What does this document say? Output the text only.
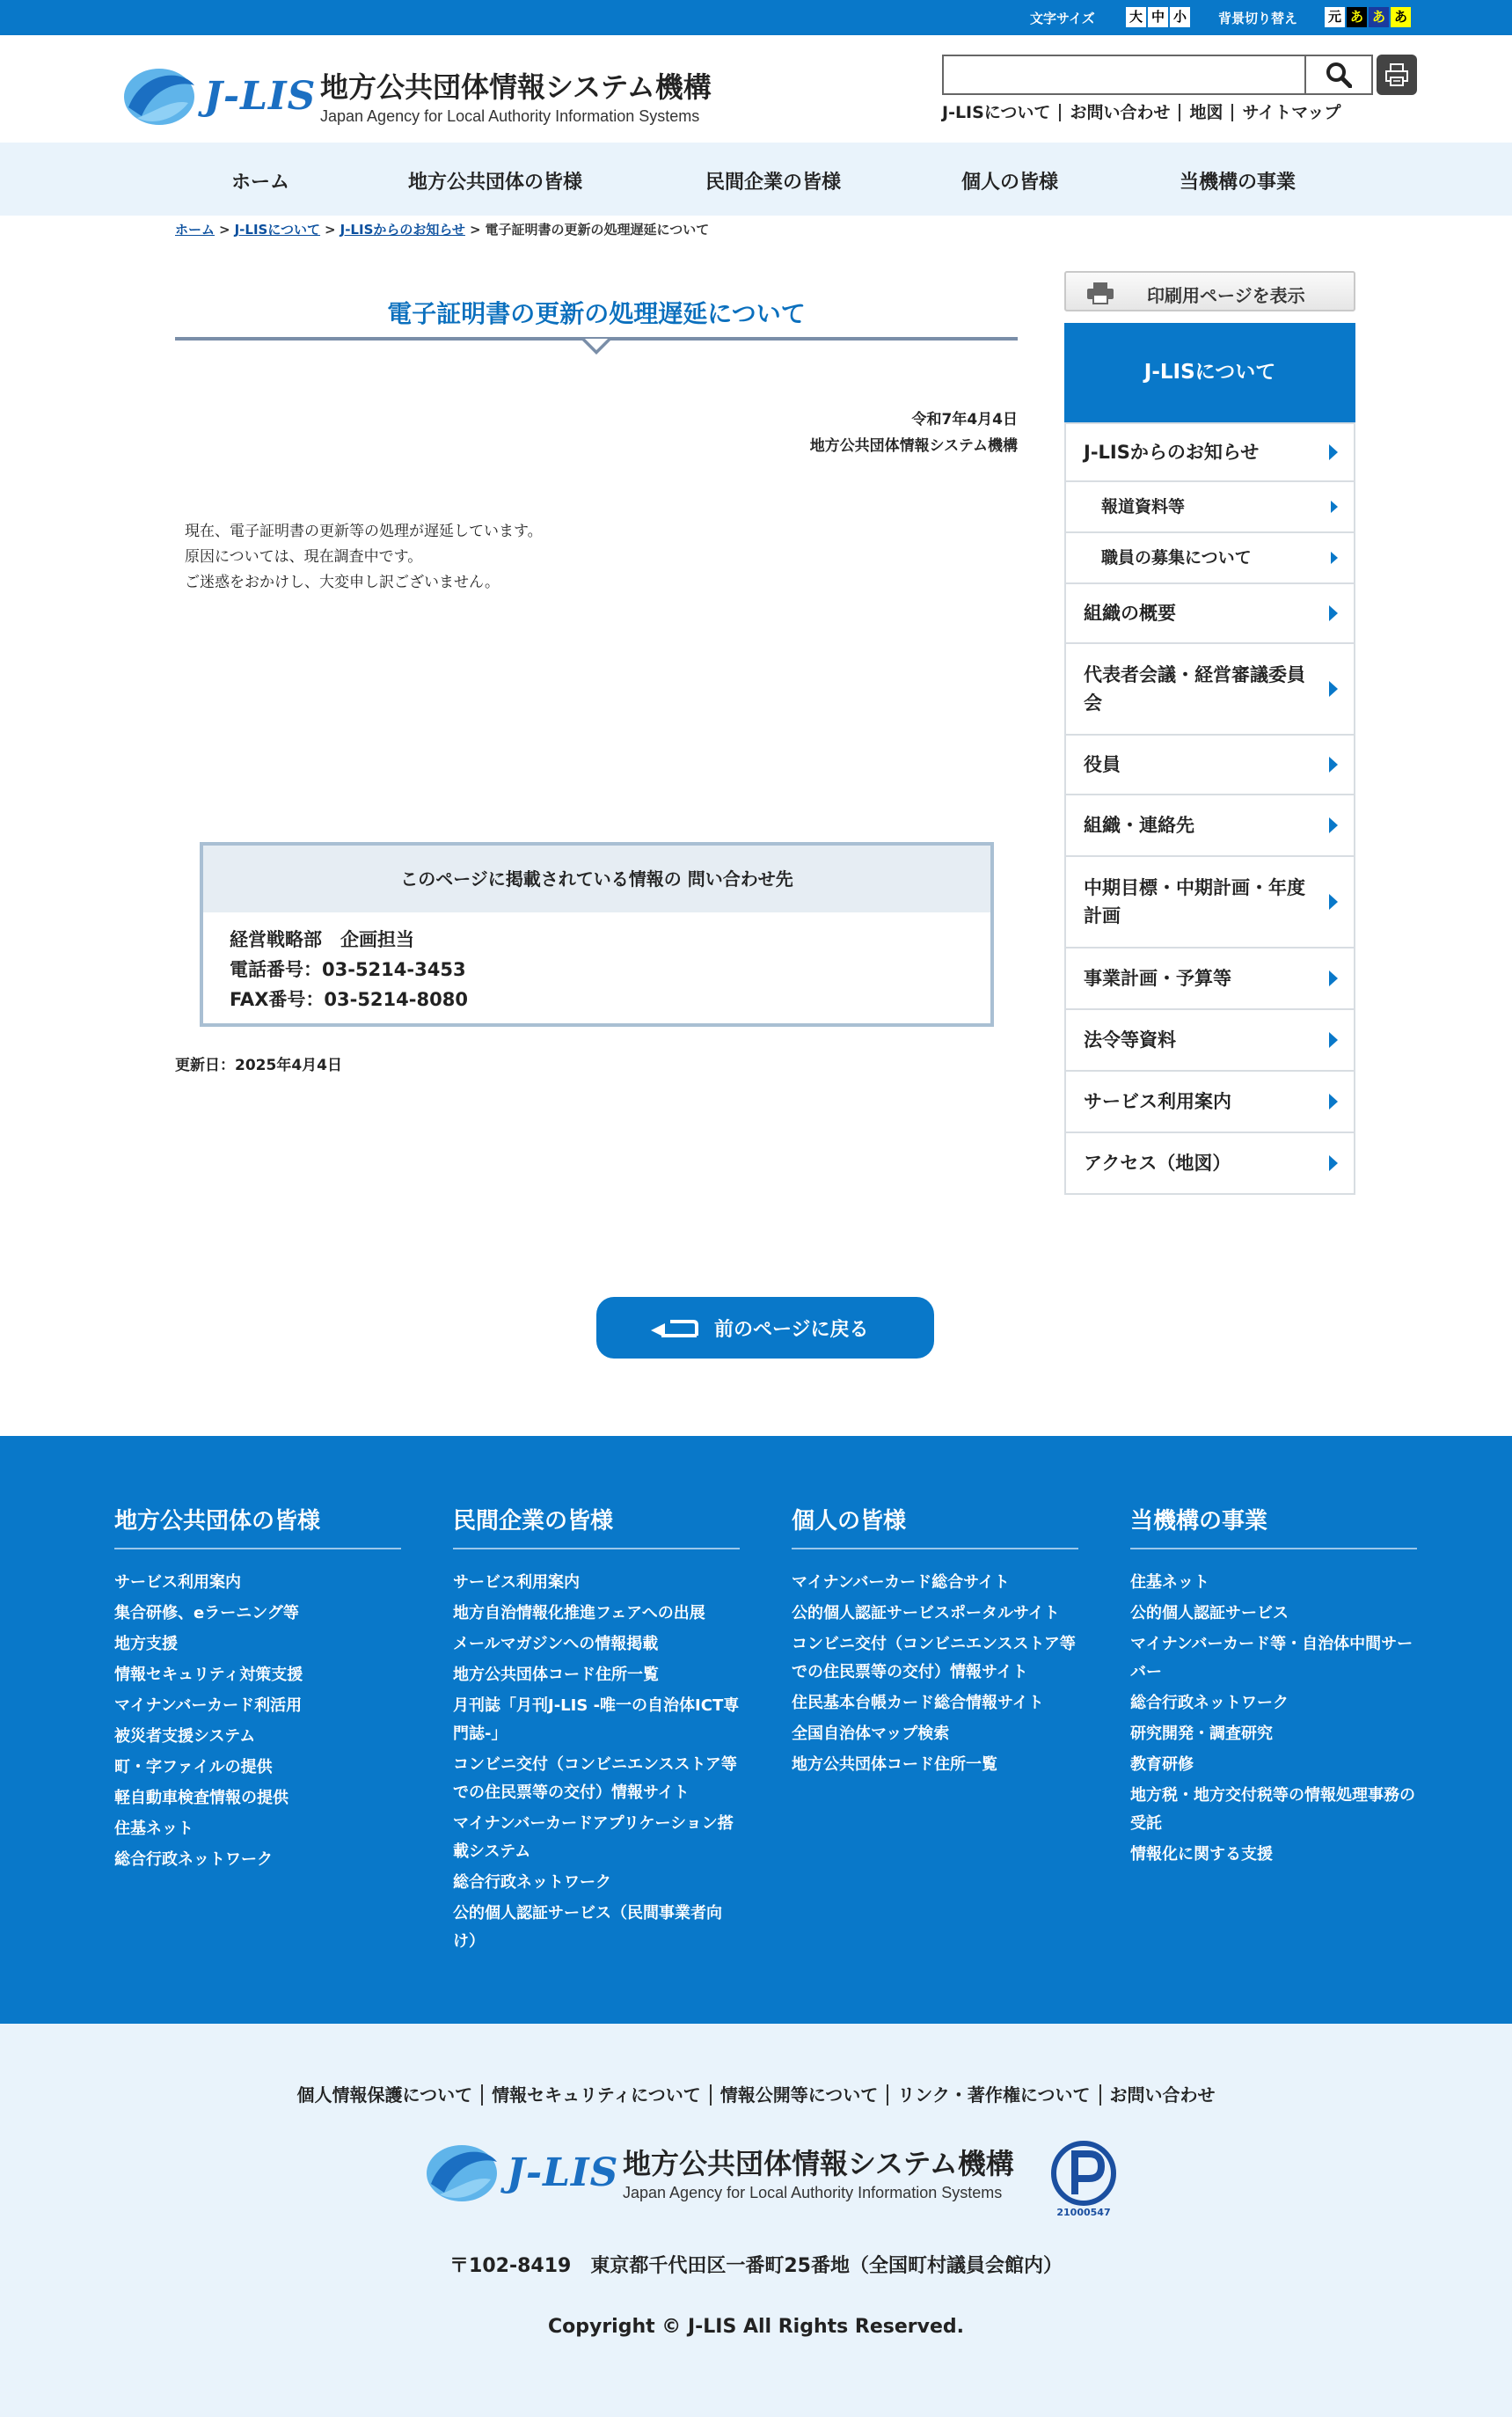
文字サイズ	大 中 小 背景切り替え 元 あ あ あ
J-LIS 地方公共団体情報システム機構
Japan Agency for Local Authority Information Systems	J-LISについて	お問い合わせ	地図	サイトマップ
ホーム	地方公共団体の皆様	民間企業の皆様	個人の皆様	当機構の事業
ホーム > J-LISについて > J-LISからのお知らせ > 電子証明書の更新の処理遅延について
電子証明書の更新の処理遅延について
令和7年4月4日
地方公共団体情報システム機構

現在、電子証明書の更新等の処理が遅延しています。

原因については、現在調査中です。

ご迷惑をおかけし、大変申し訳ございません。

このページに掲載されている情報の 問い合わせ先
経営戦略部　企画担当
電話番号：03-5214-3453
FAX番号：03-5214-8080
更新日：2025年4月4日
印刷用ページを表示
J-LISについて
J-LISからのお知らせ
報道資料等
職員の募集について
組織の概要
代表者会議・経営審議委員会
役員
組織・連絡先
中期目標・中期計画・年度計画
事業計画・予算等
法令等資料
サービス利用案内
アクセス（地図）
前のページに戻る
地方公共団体の皆様
サービス利用案内
集合研修、eラーニング等
地方支援
情報セキュリティ対策支援
マイナンバーカード利活用
被災者支援システム
町・字ファイルの提供
軽自動車検査情報の提供
住基ネット
総合行政ネットワーク
民間企業の皆様
サービス利用案内
地方自治情報化推進フェアへの出展
メールマガジンへの情報掲載
地方公共団体コード住所一覧
月刊誌「月刊J-LIS -唯一の自治体ICT専門誌-」
コンビニ交付（コンビニエンスストア等での住民票等の交付）情報サイト
マイナンバーカードアプリケーション搭載システム
総合行政ネットワーク
公的個人認証サービス（民間事業者向け）
個人の皆様
マイナンバーカード総合サイト
公的個人認証サービスポータルサイト
コンビニ交付（コンビニエンスストア等での住民票等の交付）情報サイト
住民基本台帳カード総合情報サイト
全国自治体マップ検索
地方公共団体コード住所一覧
当機構の事業
住基ネット
公的個人認証サービス
マイナンバーカード等・自治体中間サーバー
総合行政ネットワーク
研究開発・調査研究
教育研修
地方税・地方交付税等の情報処理事務の受託
情報化に関する支援
個人情報保護について 情報セキュリティについて 情報公開等について リンク・著作権について お問い合わせ
J-LIS 地方公共団体情報システム機構
Japan Agency for Local Authority Information Systems
21000547
〒102-8419　東京都千代田区一番町25番地（全国町村議員会館内）
Copyright © J-LIS All Rights Reserved.
